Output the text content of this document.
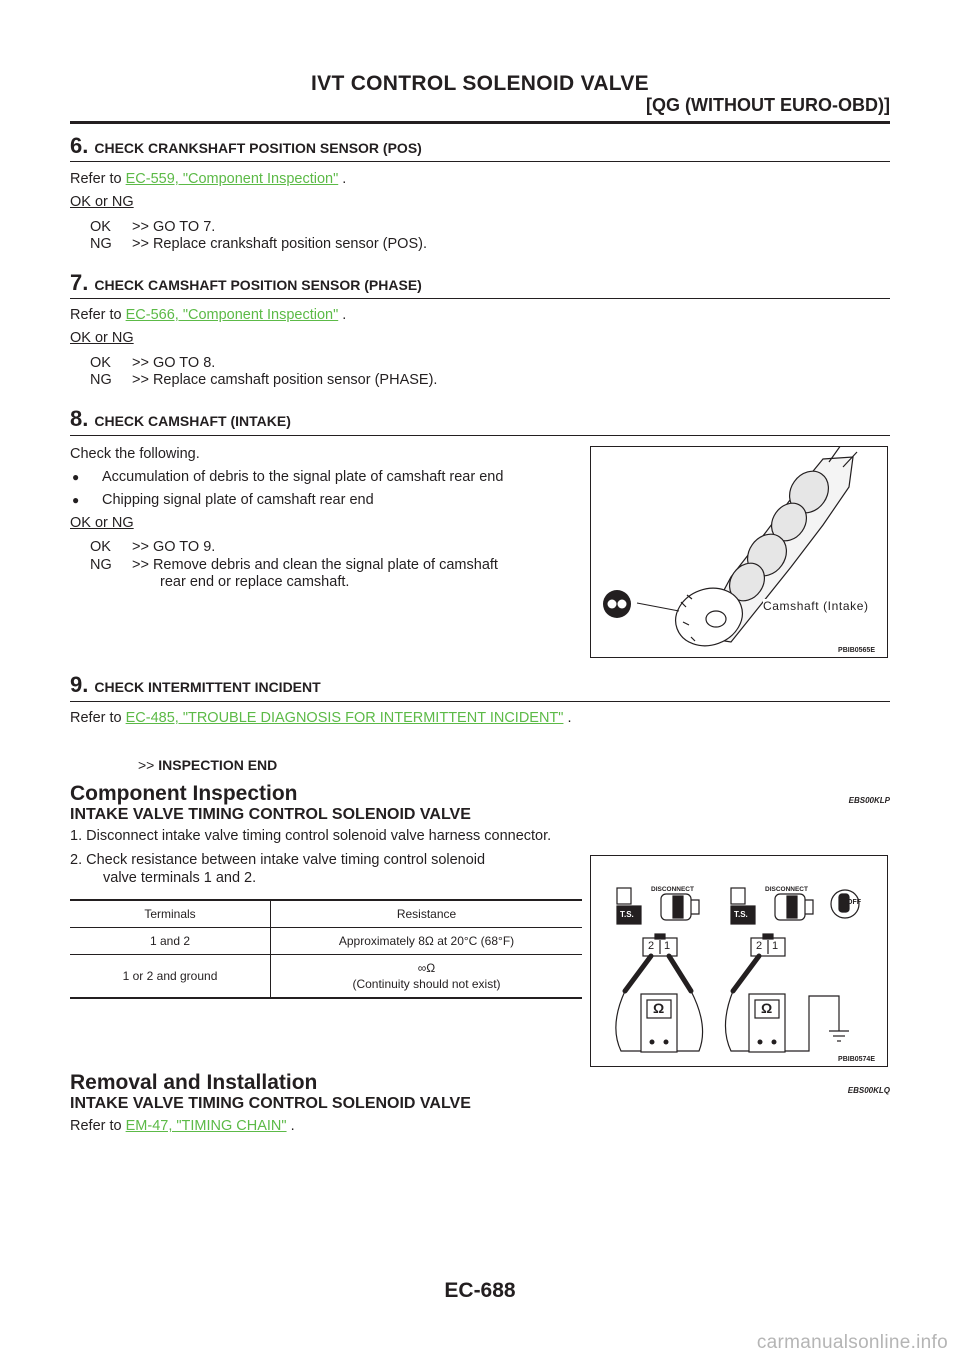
IVT CONTROL SOLENOID VALVE
[QG (WITHOUT EURO-OBD)]
6. CHECK CRANKSHAFT POSITION SENSOR (POS)
Refer to EC-559, "Component Inspection" .
OK or NG
OK >> GO TO 7.
NG >> Replace crankshaft position sensor (POS).
7. CHECK CAMSHAFT POSITION SENSOR (PHASE)
Refer to EC-566, "Component Inspection" .
OK or NG
OK >> GO TO 8.
NG >> Replace camshaft position sensor (PHASE).
8. CHECK CAMSHAFT (INTAKE)
Check the following.
● Accumulation of debris to the signal plate of camshaft rear end
● Chipping signal plate of camshaft rear end
OK or NG
OK >> GO TO 9.
NG >> Remove debris and clean the signal plate of camshaft
rear end or replace camshaft.
Camshaft (Intake)
PBIB0565E
9. CHECK INTERMITTENT INCIDENT
Refer to EC-485, "TROUBLE DIAGNOSIS FOR INTERMITTENT INCIDENT" .
>> INSPECTION END
Component Inspection	EBS00KLP
INTAKE VALVE TIMING CONTROL SOLENOID VALVE
1. Disconnect intake valve timing control solenoid valve harness connector.
2. Check resistance between intake valve timing control solenoid
valve terminals 1 and 2.
Terminals	Resistance
1 and 2	Approximately 8Ω at 20°C (68°F)
1 or 2 and ground	∞Ω
(Continuity should not exist)
DISCONNECT	DISCONNECT
T.S.	T.S.
OFF
2 1	2 1
Ω	Ω
PBIB0574E
Removal and Installation	EBS00KLQ
INTAKE VALVE TIMING CONTROL SOLENOID VALVE
Refer to EM-47, "TIMING CHAIN" .
EC-688
carmanualsonline.info
